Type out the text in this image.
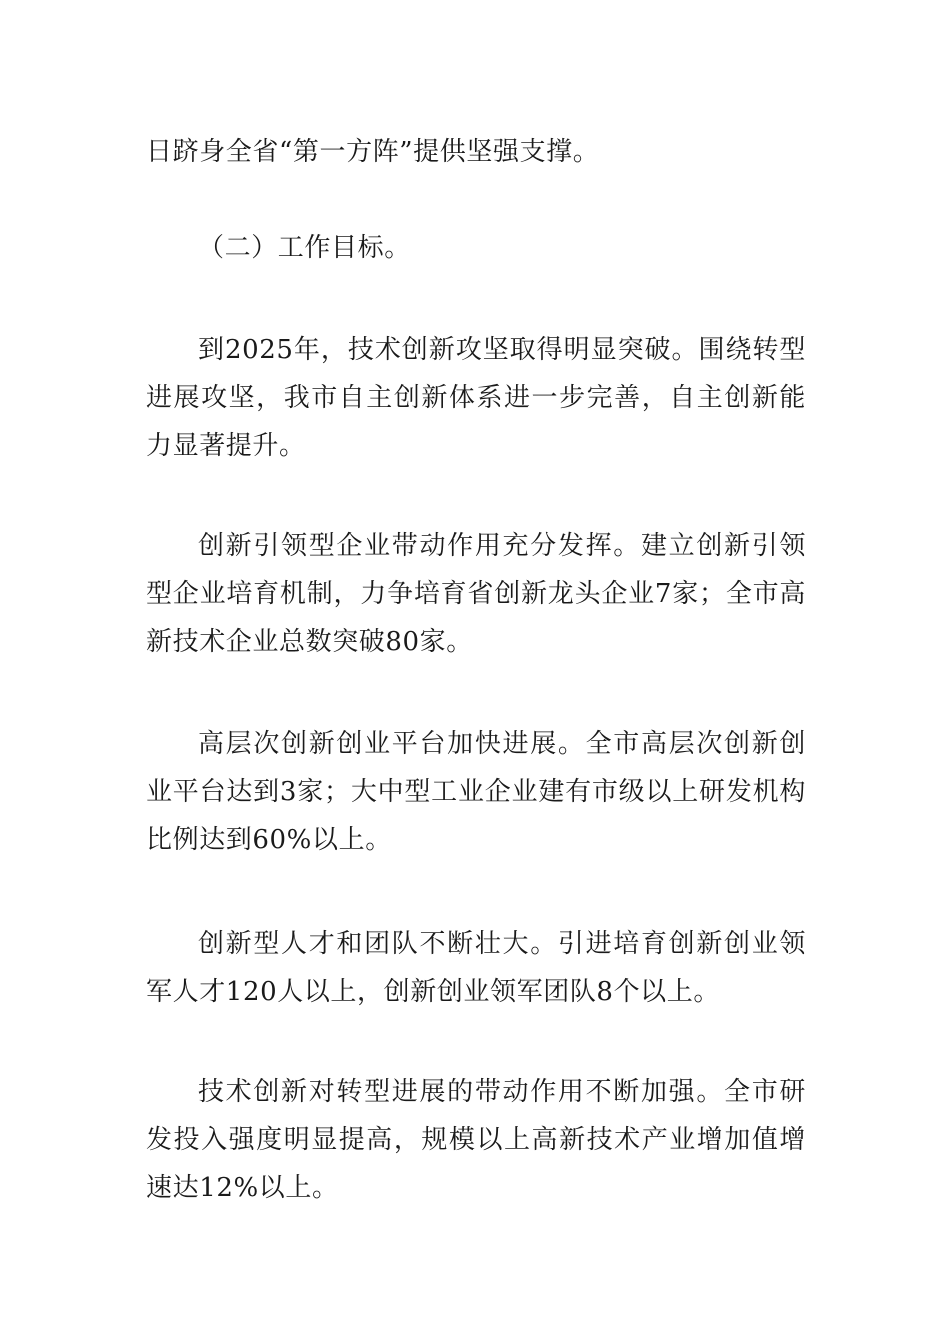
日跻身全省“第一方阵”提供坚强支撑。

（二）工作目标。

到2025年，技术创新攻坚取得明显突破。围绕转型进展攻坚，我市自主创新体系进一步完善，自主创新能力显著提升。

创新引领型企业带动作用充分发挥。建立创新引领型企业培育机制，力争培育省创新龙头企业7家；全市高新技术企业总数突破80家。

高层次创新创业平台加快进展。全市高层次创新创业平台达到3家；大中型工业企业建有市级以上研发机构比例达到60%以上。

创新型人才和团队不断壮大。引进培育创新创业领军人才120人以上，创新创业领军团队8个以上。

技术创新对转型进展的带动作用不断加强。全市研发投入强度明显提高，规模以上高新技术产业增加值增速达12%以上。
